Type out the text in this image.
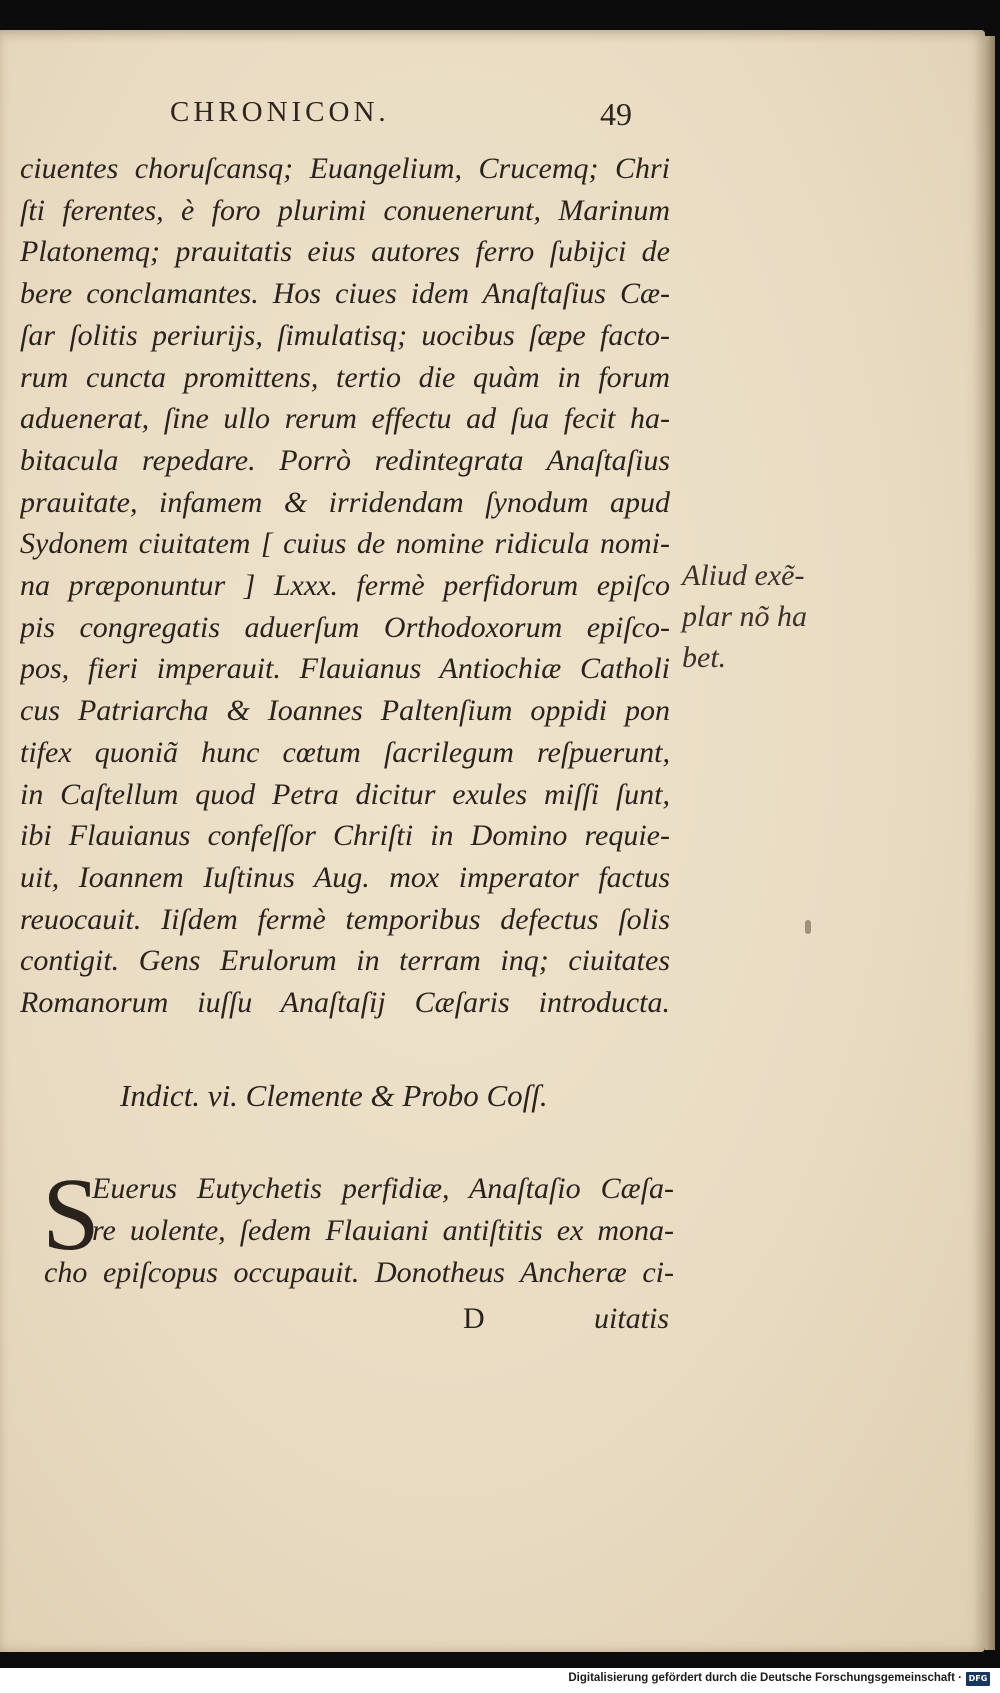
CHRONICON.	49
ciuentes choruſcansq; Euangelium, Crucemq; Chri
ſti ferentes, è foro plurimi conuenerunt, Marinum
Platonemq; prauitatis eius autores ferro ſubijci de
bere conclamantes. Hos ciues idem Anaſtaſius Cæ-
ſar ſolitis periurijs, ſimulatisq; uocibus ſæpe facto-
rum cuncta promittens, tertio die quàm in forum
aduenerat, ſine ullo rerum effectu ad ſua fecit ha-
bitacula repedare. Porrò redintegrata Anaſtaſius
prauitate, infamem & irridendam ſynodum apud
Sydonem ciuitatem [ cuius de nomine ridicula nomi-
na præponuntur ] Lxxx. fermè perfidorum epiſco
pis congregatis aduerſum Orthodoxorum epiſco-
pos, fieri imperauit. Flauianus Antiochiæ Catholi
cus Patriarcha & Ioannes Paltenſium oppidi pon
tifex quoniã hunc cœtum ſacrilegum reſpuerunt,
in Caſtellum quod Petra dicitur exules miſſi ſunt,
ibi Flauianus confeſſor Chriſti in Domino requie-
uit, Ioannem Iuſtinus Aug. mox imperator factus
reuocauit. Iiſdem fermè temporibus defectus ſolis
contigit. Gens Erulorum in terram inq; ciuitates
Romanorum iuſſu Anaſtaſij Cæſaris introducta.
Aliud exẽ-
plar nõ ha
bet.
Indict. vi. Clemente & Probo Coſſ.
S
Euerus Eutychetis perfidiæ, Anaſtaſio Cæſa-
re uolente, ſedem Flauiani antiſtitis ex mona-
cho epiſcopus occupauit. Donotheus Ancheræ ci-
D	uitatis
Digitalisierung gefördert durch die Deutsche Forschungsgemeinschaft · DFG
